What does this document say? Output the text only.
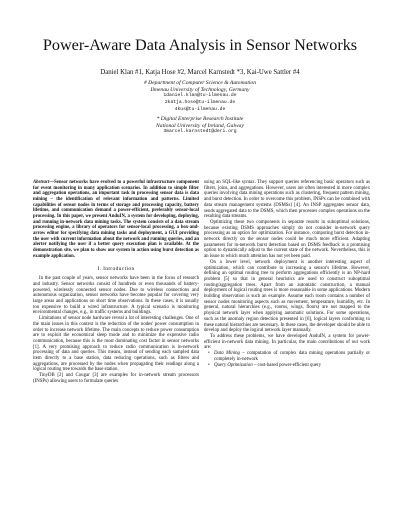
Power-Aware Data Analysis in Sensor Networks
Daniel Klan #1, Katja Hose #2, Marcel Karnstedt *3, Kai-Uwe Sattler #4
# Department of Computer Science & Automation
Ilmenau University of Technology, Germany
1daniel.klan@tu-ilmenau.de
2katja.hose@tu-ilmenau.de
4kus@tu-ilmenau.de
* Digital Enterprise Research Institute
National University of Ireland, Galway
3marcel.karnstedt@deri.org

Abstract—Sensor networks have evolved to a powerful infrastructure component for event monitoring in many application scenarios. In addition to simple filter and aggregation operations, an important task in processing sensor data is data mining – the identification of relevant information and patterns. Limited capabilities of sensor nodes in terms of storage and processing capacity, battery lifetime, and communication demand a power-efficient, preferably sensor-local processing. In this paper, we present AnduIN, a system for developing, deploying, and running in-network data mining tasks. The system consists of a data stream processing engine, a library of operators for sensor-local processing, a box-and-arrow editor for specifying data mining tasks and deployment, a GUI providing the user with current information about the network and running queries, and an alerter notifying the user if a better query execution plan is available. At the demonstration site, we plan to show our system in action using burst detection as example application.

I. Introduction

In the past couple of years, sensor networks have been in the focus of research and industry. Sensor networks consist of hundreds or even thousands of battery-powered, wirelessly connected sensor nodes. Due to wireless connections and autonomous organization, sensor networks have become popular for covering very large areas and applications on short time observations. In these cases, it is usually too expensive to build a wired infrastructure. A typical scenario is monitoring environmental changes, e.g., in traffic systems and buildings.

Limitations of sensor node hardware reveal a lot of interesting challenges. One of the main issues in this context is the reduction of the nodes' power consumption in order to increase network lifetime. The main concepts to reduce power consumption are to exploit the economical sleep mode and to minimize the expensive radio communication, because this is the most dominating cost factor in sensor networks [1]. A very promising approach to reduce radio communication is in-network processing of data and queries. This means, instead of sending each sampled data item directly to a base station, data reducing operations, such as filters and aggregations, are processed by the nodes when propagating their readings along a logical routing tree towards the base station.

TinyDB [2] and Cougar [3] are examples for in-network stream processors (INSPs) allowing users to formulate queries

using an SQL-like syntax. They support queries referencing basic operators such as filters, joins, and aggregations. However, users are often interested in more complex queries involving data mining operations such as clustering, frequent pattern mining, and burst detection. In order to overcome this problem, INSPs can be combined with data stream management systems (DSMSs) [4]. An INSP aggregates sensor data, sends aggregated data to the DSMS, which then processes complex operations on the resulting data streams.

Optimizing these two components in separate results in suboptimal solutions, because existing DSMS approaches simply do not consider in-network query processing as an option for optimization. For instance, computing burst detection in-network directly on the sensor nodes could be much more efficient. Adapting parameters for in-network burst detection based on DSMS feedback is a promising option to dynamically adjust to the current state of the network. Nevertheless, this is an issue to which much attention has not yet been paid.

On a lower level, network deployment is another interesting aspect of optimization, which can contribute to increasing a sensor's lifetime. However, defining an optimal routing tree to perform aggregations efficiently is an NP-hard problem [5] so that in general heuristics are used to construct suboptimal routing/aggregation trees. Apart from an automatic construction, a manual deployment of logical routing trees is more reasonable in some applications. Modern building observation is such an example. Assume each room contains a number of sensor nodes monitoring aspects such as movement, temperature, humidity, etc. In general, natural hierarchies (e.g., rooms, wings, floors) are not mapped to the physical network layer when applying automatic solutions. For some operations, such as the anomaly region detection presented in [6], logical layers conforming to these natural hierarchies are necessary. In these cases, the developer should be able to develop and deploy the logical network layer manually.

To address these problems, we have developed AnduIN, a system for power-efficient in-network data mining. In particular, the main contributions of our work are:

• Data Mining – computation of complex data mining operations partially or completely in-network
• Query Optimization – cost-based power-efficient query
